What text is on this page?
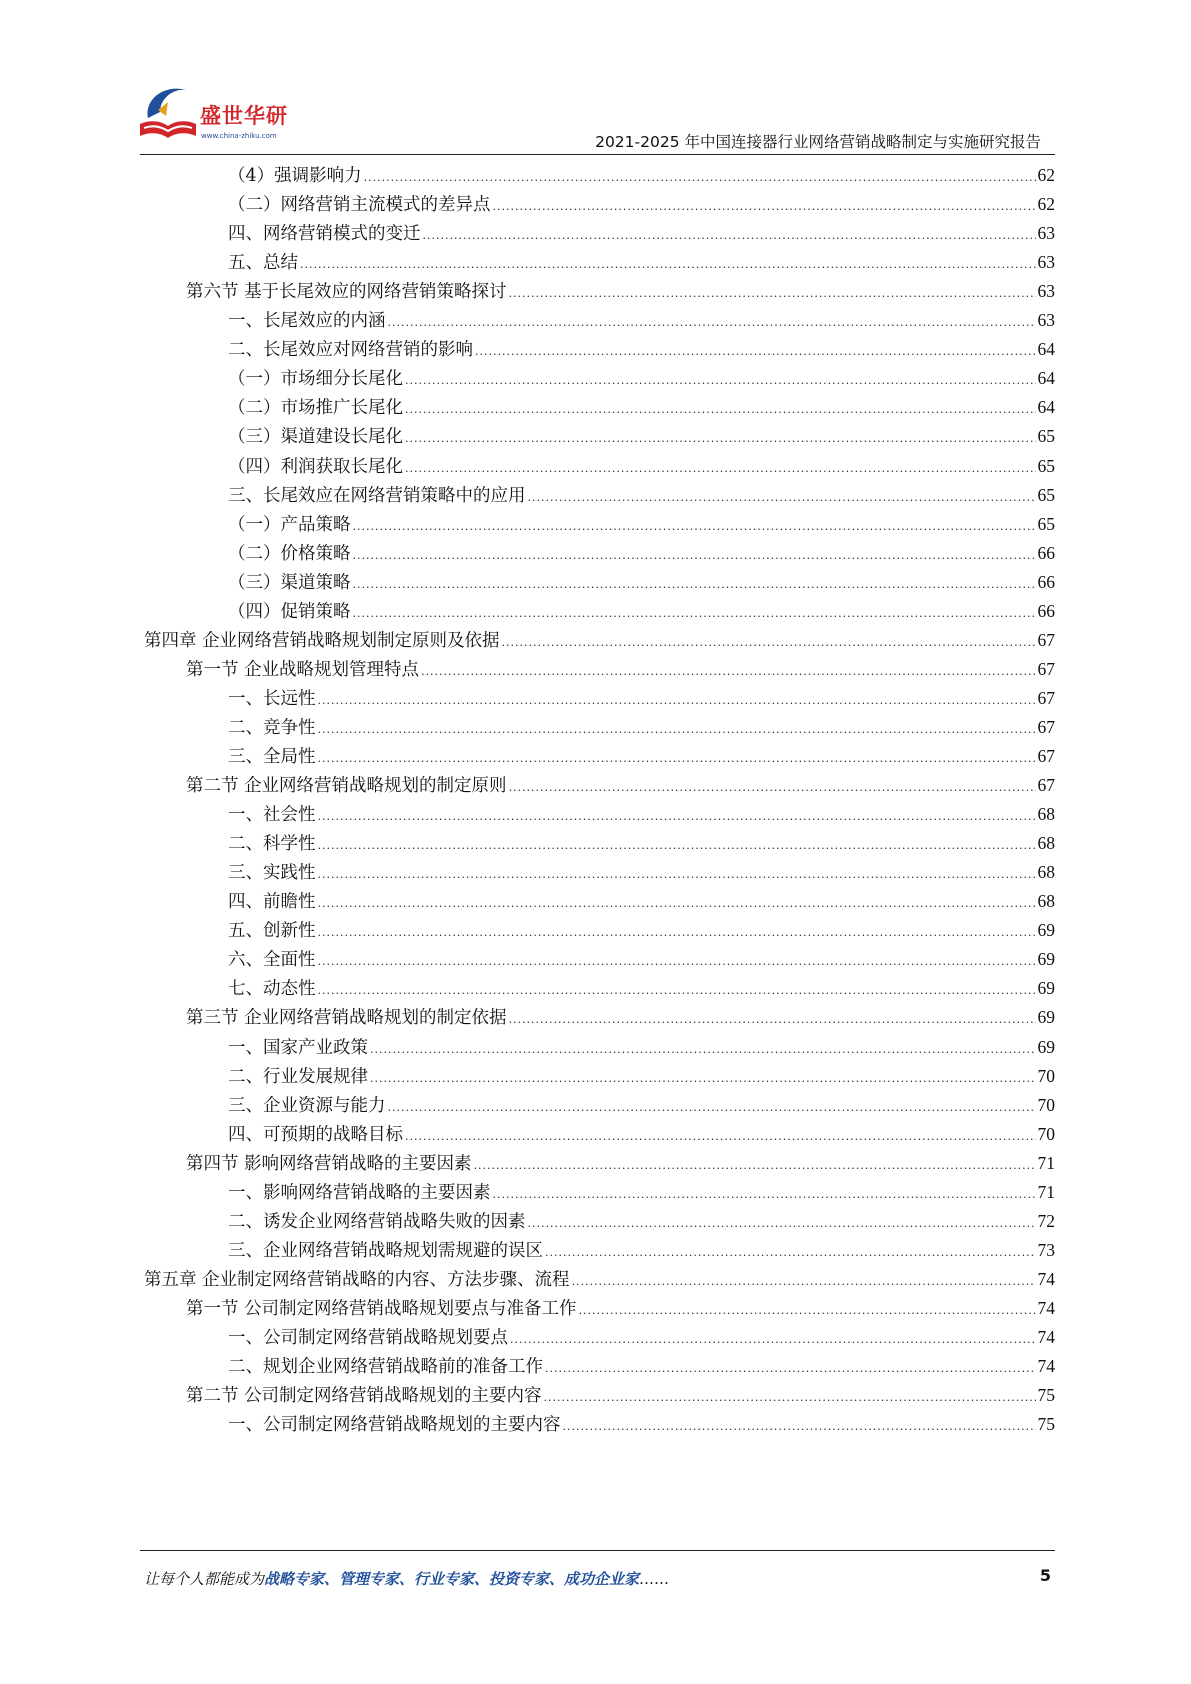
盛世华研
www.china-zhiku.com	2021-2025 年中国连接器行业网络营销战略制定与实施研究报告
（4）强调影响力 .....	62
（二）网络营销主流模式的差异点 .....	62
四、网络营销模式的变迁 .....	63
五、总结 .....	63
第六节 基于长尾效应的网络营销策略探讨 .....	63
一、长尾效应的内涵 .....	63
二、长尾效应对网络营销的影响 .....	64
（一）市场细分长尾化 .....	64
（二）市场推广长尾化 .....	64
（三）渠道建设长尾化 .....	65
（四）利润获取长尾化 .....	65
三、长尾效应在网络营销策略中的应用 .....	65
（一）产品策略 .....	65
（二）价格策略 .....	66
（三）渠道策略 .....	66
（四）促销策略 .....	66
第四章 企业网络营销战略规划制定原则及依据 .....	67
第一节 企业战略规划管理特点 .....	67
一、长远性 .....	67
二、竞争性 .....	67
三、全局性 .....	67
第二节 企业网络营销战略规划的制定原则 .....	67
一、社会性 .....	68
二、科学性 .....	68
三、实践性 .....	68
四、前瞻性 .....	68
五、创新性 .....	69
六、全面性 .....	69
七、动态性 .....	69
第三节 企业网络营销战略规划的制定依据 .....	69
一、国家产业政策 .....	69
二、行业发展规律 .....	70
三、企业资源与能力 .....	70
四、可预期的战略目标 .....	70
第四节 影响网络营销战略的主要因素 .....	71
一、影响网络营销战略的主要因素 .....	71
二、诱发企业网络营销战略失败的因素 .....	72
三、企业网络营销战略规划需规避的误区 .....	73
第五章 企业制定网络营销战略的内容、方法步骤、流程 .....	74
第一节 公司制定网络营销战略规划要点与准备工作 .....	74
一、公司制定网络营销战略规划要点 .....	74
二、规划企业网络营销战略前的准备工作 .....	74
第二节 公司制定网络营销战略规划的主要内容 .....	75
一、公司制定网络营销战略规划的主要内容 .....	75
让每个人都能成为战略专家、管理专家、行业专家、投资专家、成功企业家……	5
